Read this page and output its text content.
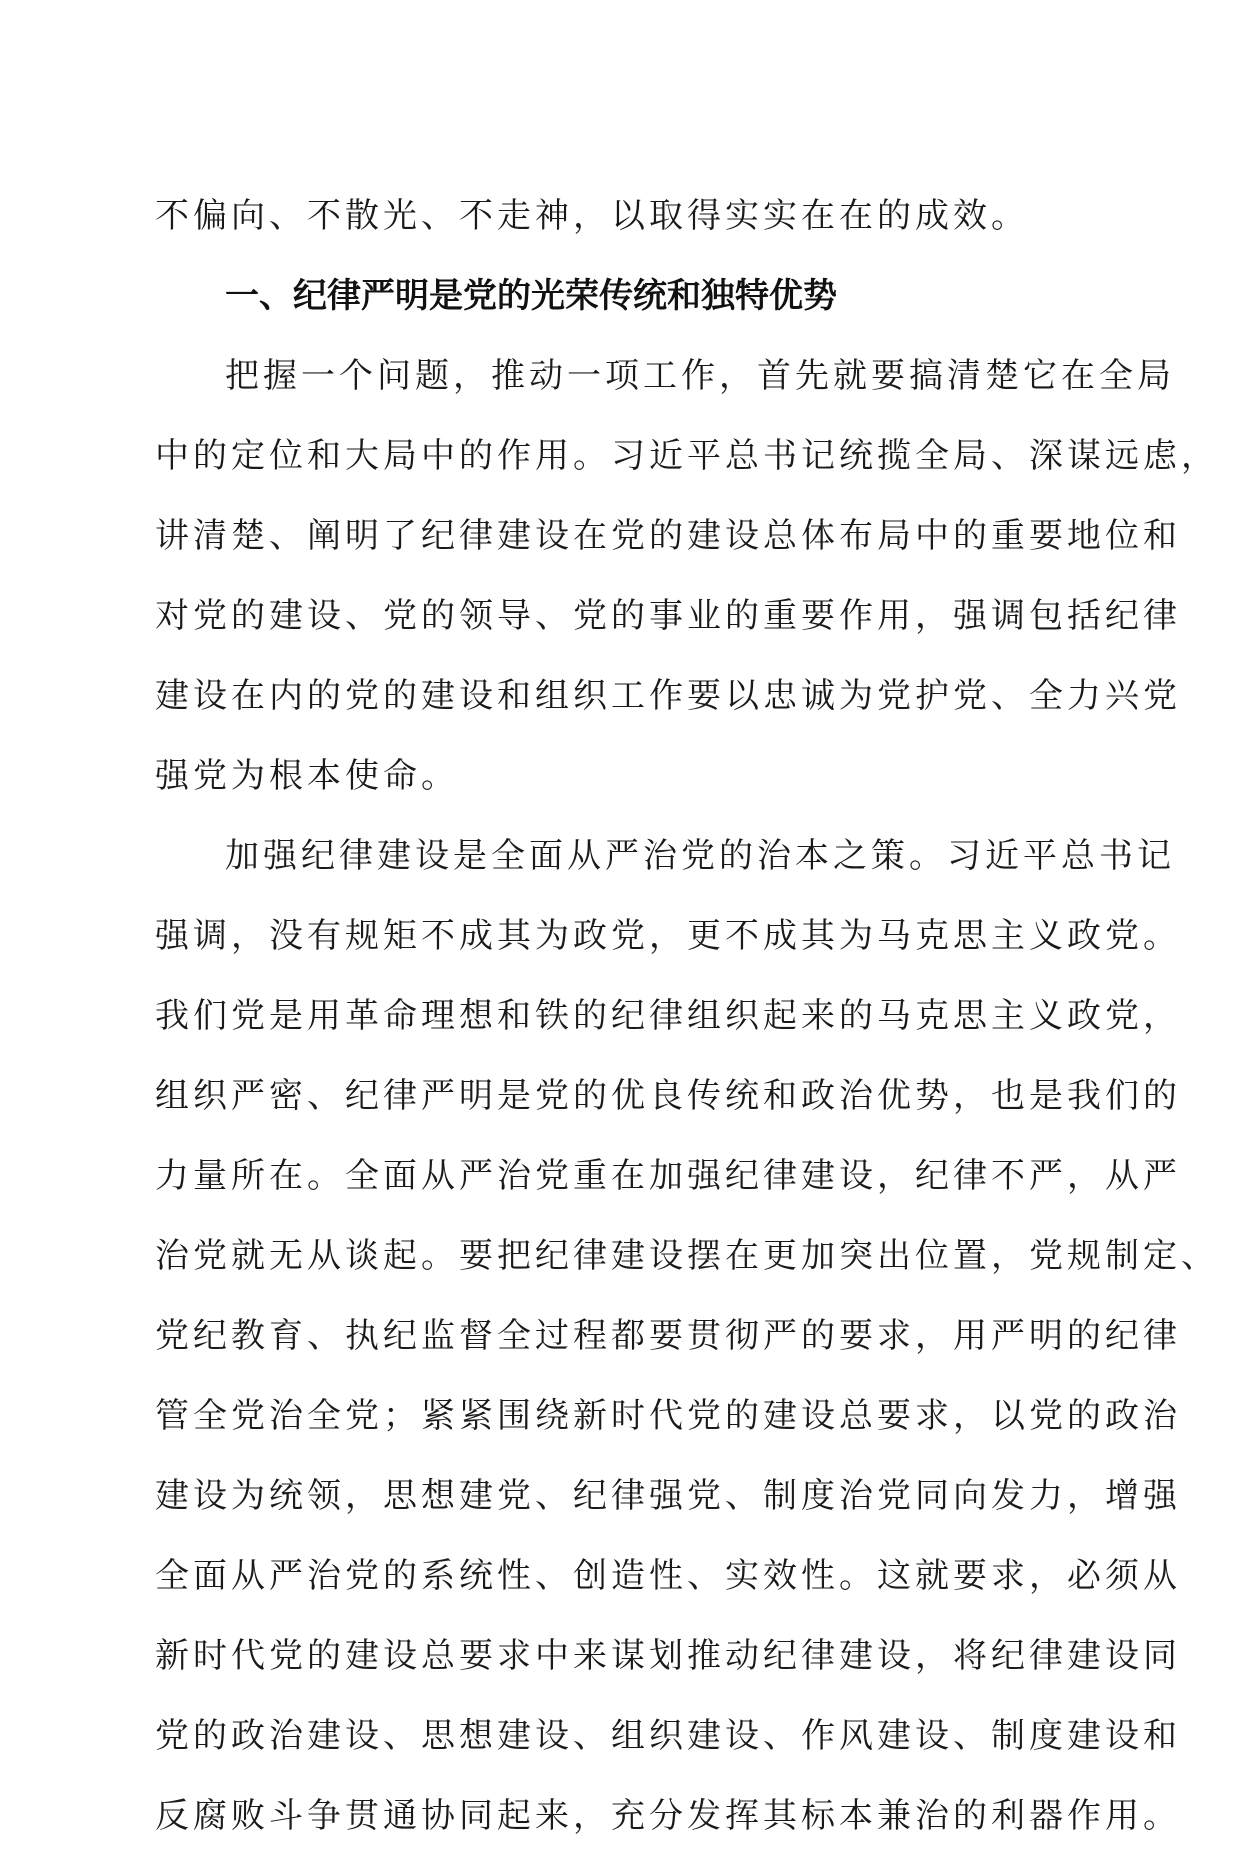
不偏向、不散光、不走神，以取得实实在在的成效。
一、纪律严明是党的光荣传统和独特优势
把握一个问题，推动一项工作，首先就要搞清楚它在全局
中的定位和大局中的作用。习近平总书记统揽全局、深谋远虑，
讲清楚、阐明了纪律建设在党的建设总体布局中的重要地位和
对党的建设、党的领导、党的事业的重要作用，强调包括纪律
建设在内的党的建设和组织工作要以忠诚为党护党、全力兴党
强党为根本使命。
加强纪律建设是全面从严治党的治本之策。习近平总书记
强调，没有规矩不成其为政党，更不成其为马克思主义政党。
我们党是用革命理想和铁的纪律组织起来的马克思主义政党，
组织严密、纪律严明是党的优良传统和政治优势，也是我们的
力量所在。全面从严治党重在加强纪律建设，纪律不严，从严
治党就无从谈起。要把纪律建设摆在更加突出位置，党规制定、
党纪教育、执纪监督全过程都要贯彻严的要求，用严明的纪律
管全党治全党；紧紧围绕新时代党的建设总要求，以党的政治
建设为统领，思想建党、纪律强党、制度治党同向发力，增强
全面从严治党的系统性、创造性、实效性。这就要求，必须从
新时代党的建设总要求中来谋划推动纪律建设，将纪律建设同
党的政治建设、思想建设、组织建设、作风建设、制度建设和
反腐败斗争贯通协同起来，充分发挥其标本兼治的利器作用。
